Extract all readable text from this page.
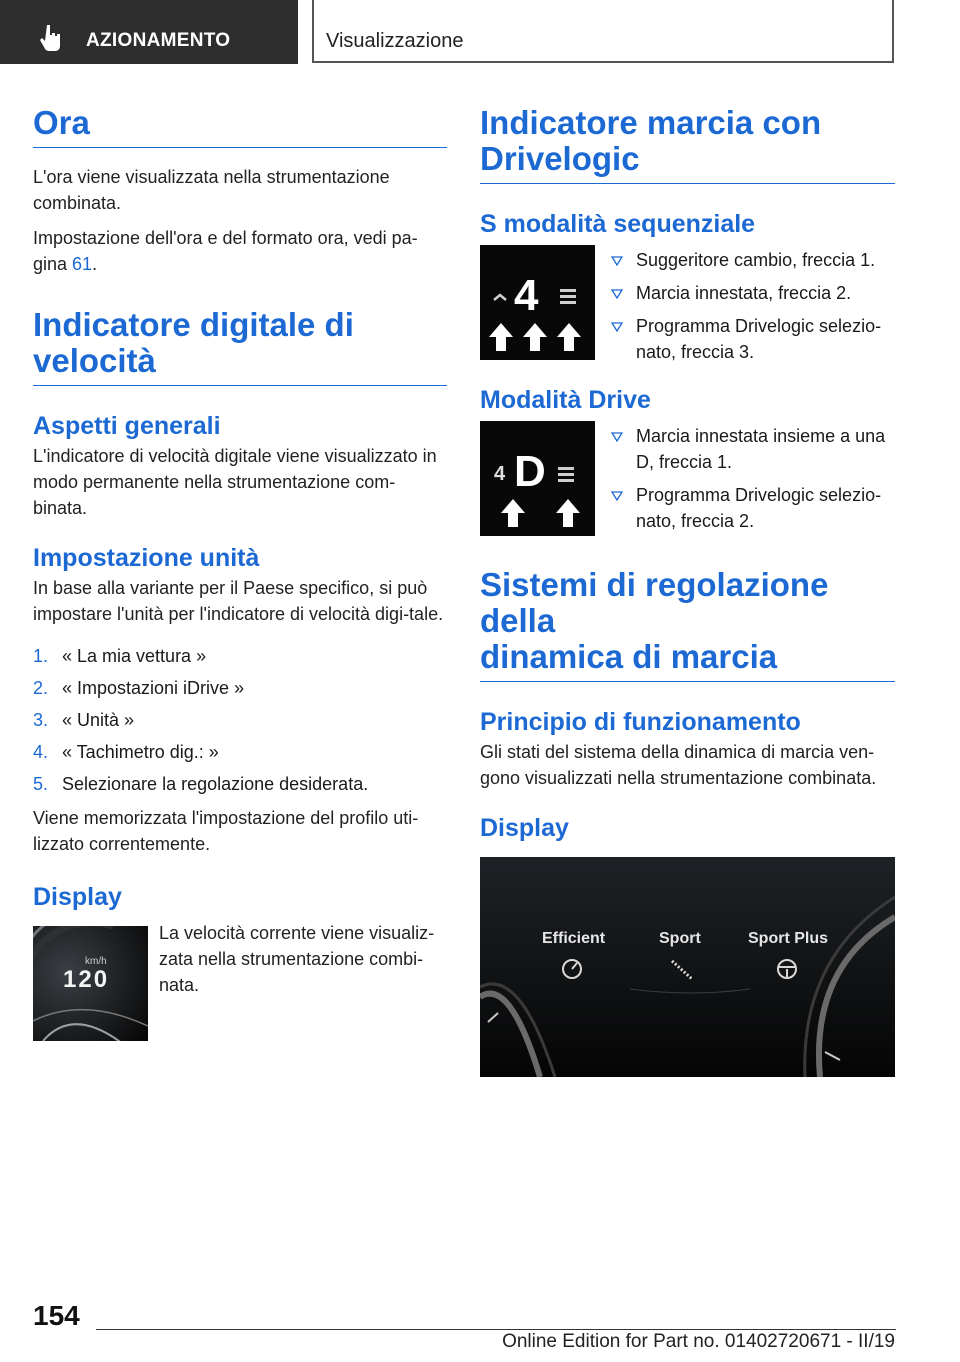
AZIONAMENTO	Visualizzazione
Ora

L'ora viene visualizzata nella strumentazione combinata.

Impostazione dell'ora e del formato ora, vedi pa-gina 61.

Indicatore digitale di
velocità
Aspetti generali

L'indicatore di velocità digitale viene visualizzato in modo permanente nella strumentazione com-binata.

Impostazione unità

In base alla variante per il Paese specifico, si può impostare l'unità per l'indicatore di velocità digi-tale.

1. « La mia vettura »
2. « Impostazioni iDrive »
3. « Unità »
4. « Tachimetro dig.: »
5. Selezionare la regolazione desiderata.

Viene memorizzata l'impostazione del profilo uti-lizzato correntemente.

Display
km/h
120

La velocità corrente viene visualiz-zata nella strumentazione combi-nata.

Indicatore marcia con
Drivelogic
S modalità sequenziale
4
1	2	3
Suggeritore cambio, freccia 1.
Marcia innestata, freccia 2.
Programma Drivelogic selezio-nato, freccia 3.
Modalità Drive
4 D
1	2
Marcia innestata insieme a una D, freccia 1.
Programma Drivelogic selezio-nato, freccia 2.
Sistemi di regolazione della
dinamica di marcia
Principio di funzionamento

Gli stati del sistema della dinamica di marcia ven-gono visualizzati nella strumentazione combinata.

Display
Efficient	Sport	Sport Plus
154
Online Edition for Part no. 01402720671 - II/19
